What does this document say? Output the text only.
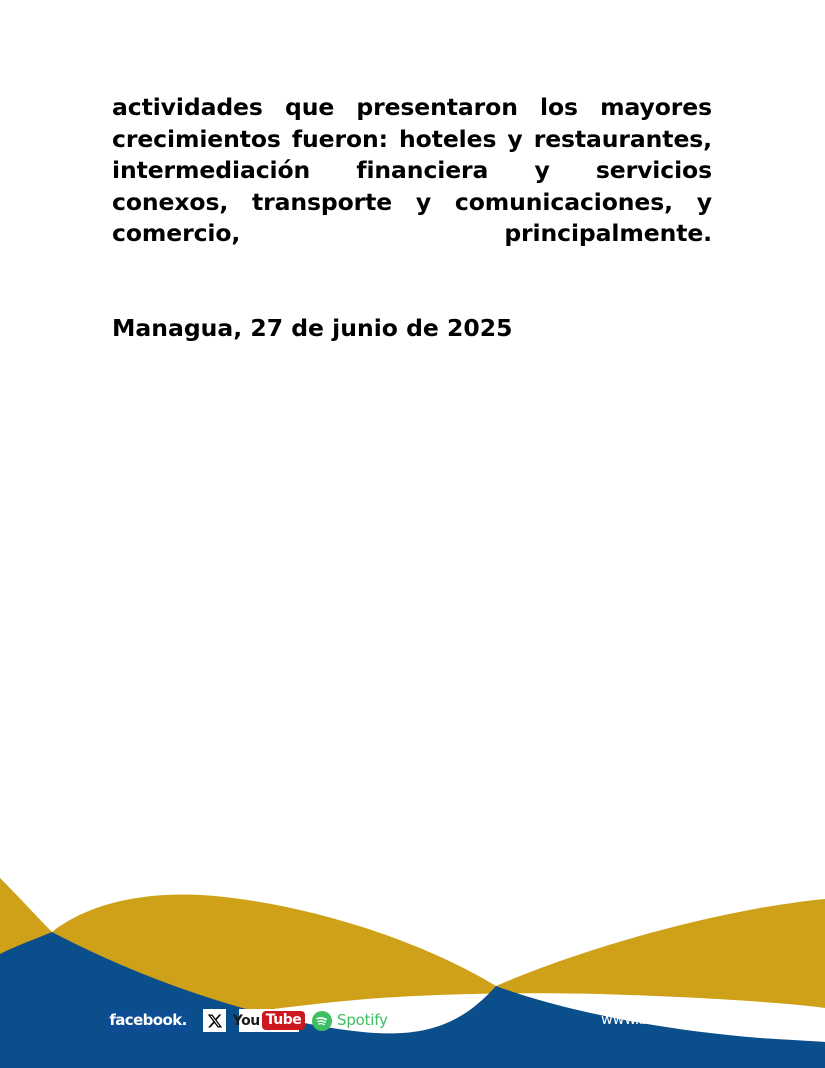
actividades que presentaron los mayores crecimientos fueron: hoteles y restaurantes, intermediación financiera y servicios conexos, transporte y comunicaciones, y comercio, principalmente.

Managua, 27 de junio de 2025
facebook.	You Tube Spotify	www.bcn.gob.ni
